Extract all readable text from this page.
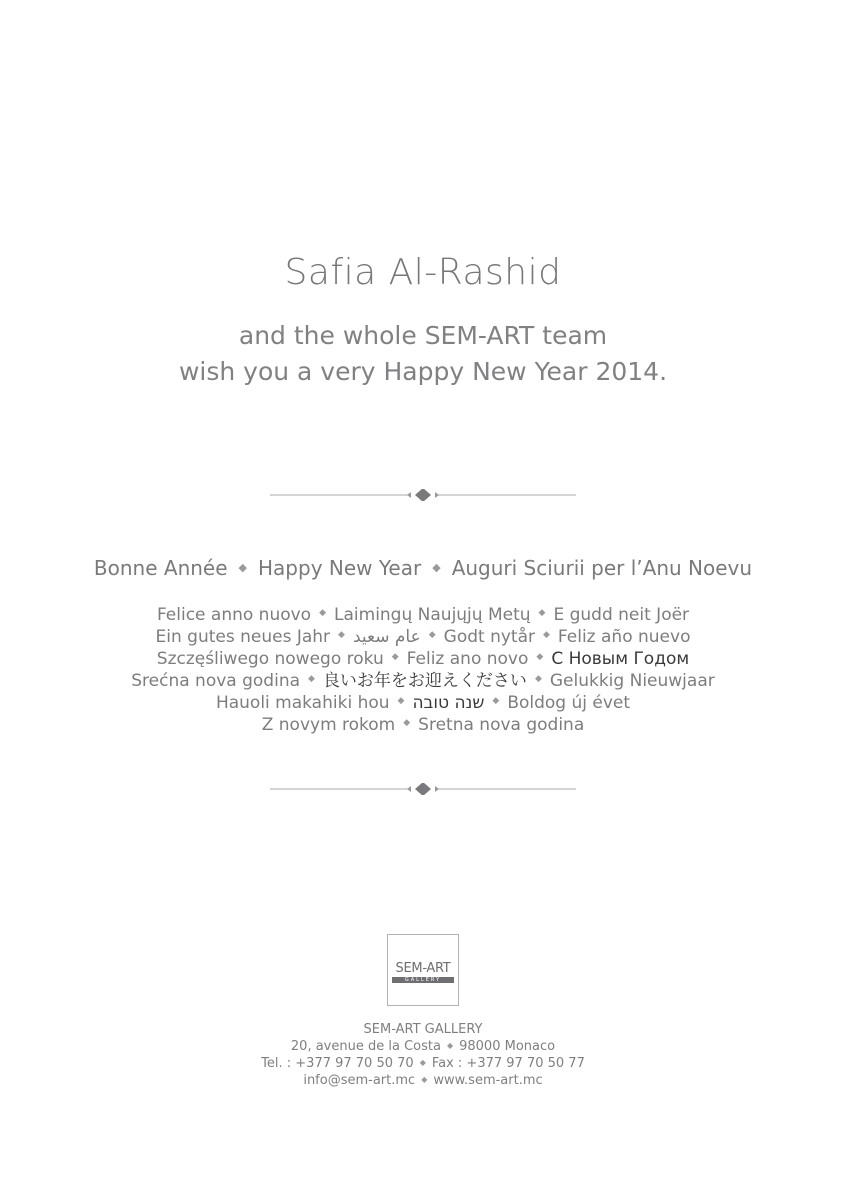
Safia Al-Rashid
and the whole SEM-ART team
wish you a very Happy New Year 2014.
Bonne Année ◆ Happy New Year ◆ Auguri Sciurii per l’Anu Noevu
Felice anno nuovo ◆ Laimingų Naujųjų Metų ◆ E gudd neit Joër
Ein gutes neues Jahr ◆ عام سعيد ◆ Godt nytår ◆ Feliz año nuevo
Szczęśliwego nowego roku ◆ Feliz ano novo ◆ С Новым Годом
Srećna nova godina ◆ 良いお年をお迎えください ◆ Gelukkig Nieuwjaar
Hauoli makahiki hou ◆ שנה טובה ◆ Boldog új évet
Z novym rokom ◆ Sretna nova godina
SEM-ART
GALLERY
SEM-ART GALLERY
20, avenue de la Costa ◆ 98000 Monaco
Tel. : +377 97 70 50 70 ◆ Fax : +377 97 70 50 77
info@sem-art.mc ◆ www.sem-art.mc
